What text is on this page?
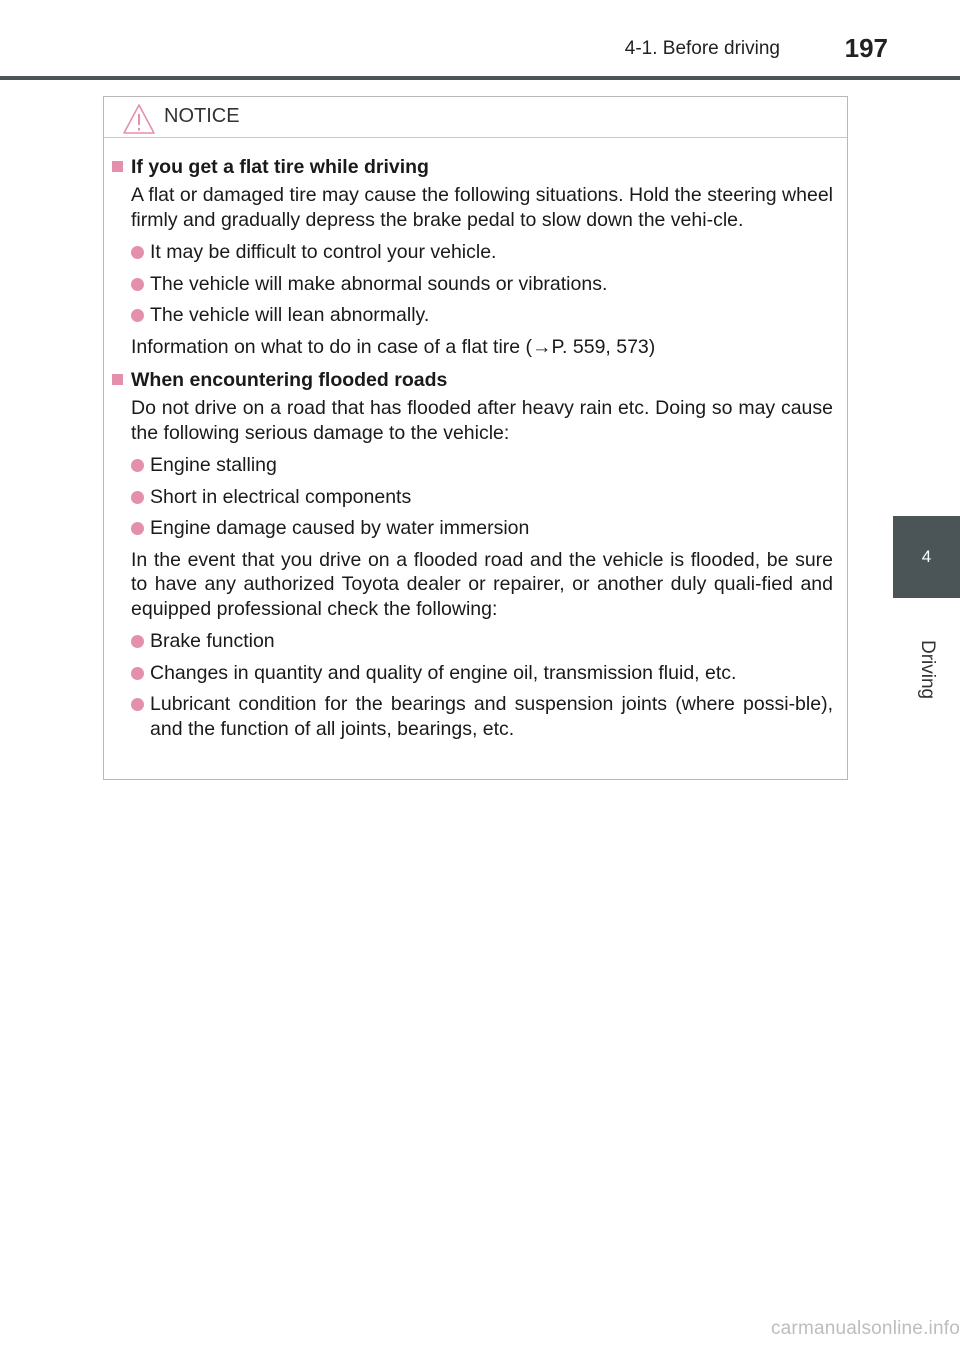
4-1. Before driving	197
4
Driving
NOTICE
If you get a flat tire while driving
A flat or damaged tire may cause the following situations. Hold the steering wheel firmly and gradually depress the brake pedal to slow down the vehi-cle.
It may be difficult to control your vehicle.
The vehicle will make abnormal sounds or vibrations.
The vehicle will lean abnormally.
Information on what to do in case of a flat tire (→P. 559, 573)
When encountering flooded roads
Do not drive on a road that has flooded after heavy rain etc. Doing so may cause the following serious damage to the vehicle:
Engine stalling
Short in electrical components
Engine damage caused by water immersion
In the event that you drive on a flooded road and the vehicle is flooded, be sure to have any authorized Toyota dealer or repairer, or another duly quali-fied and equipped professional check the following:
Brake function
Changes in quantity and quality of engine oil, transmission fluid, etc.
Lubricant condition for the bearings and suspension joints (where possi-ble), and the function of all joints, bearings, etc.
carmanualsonline.info
